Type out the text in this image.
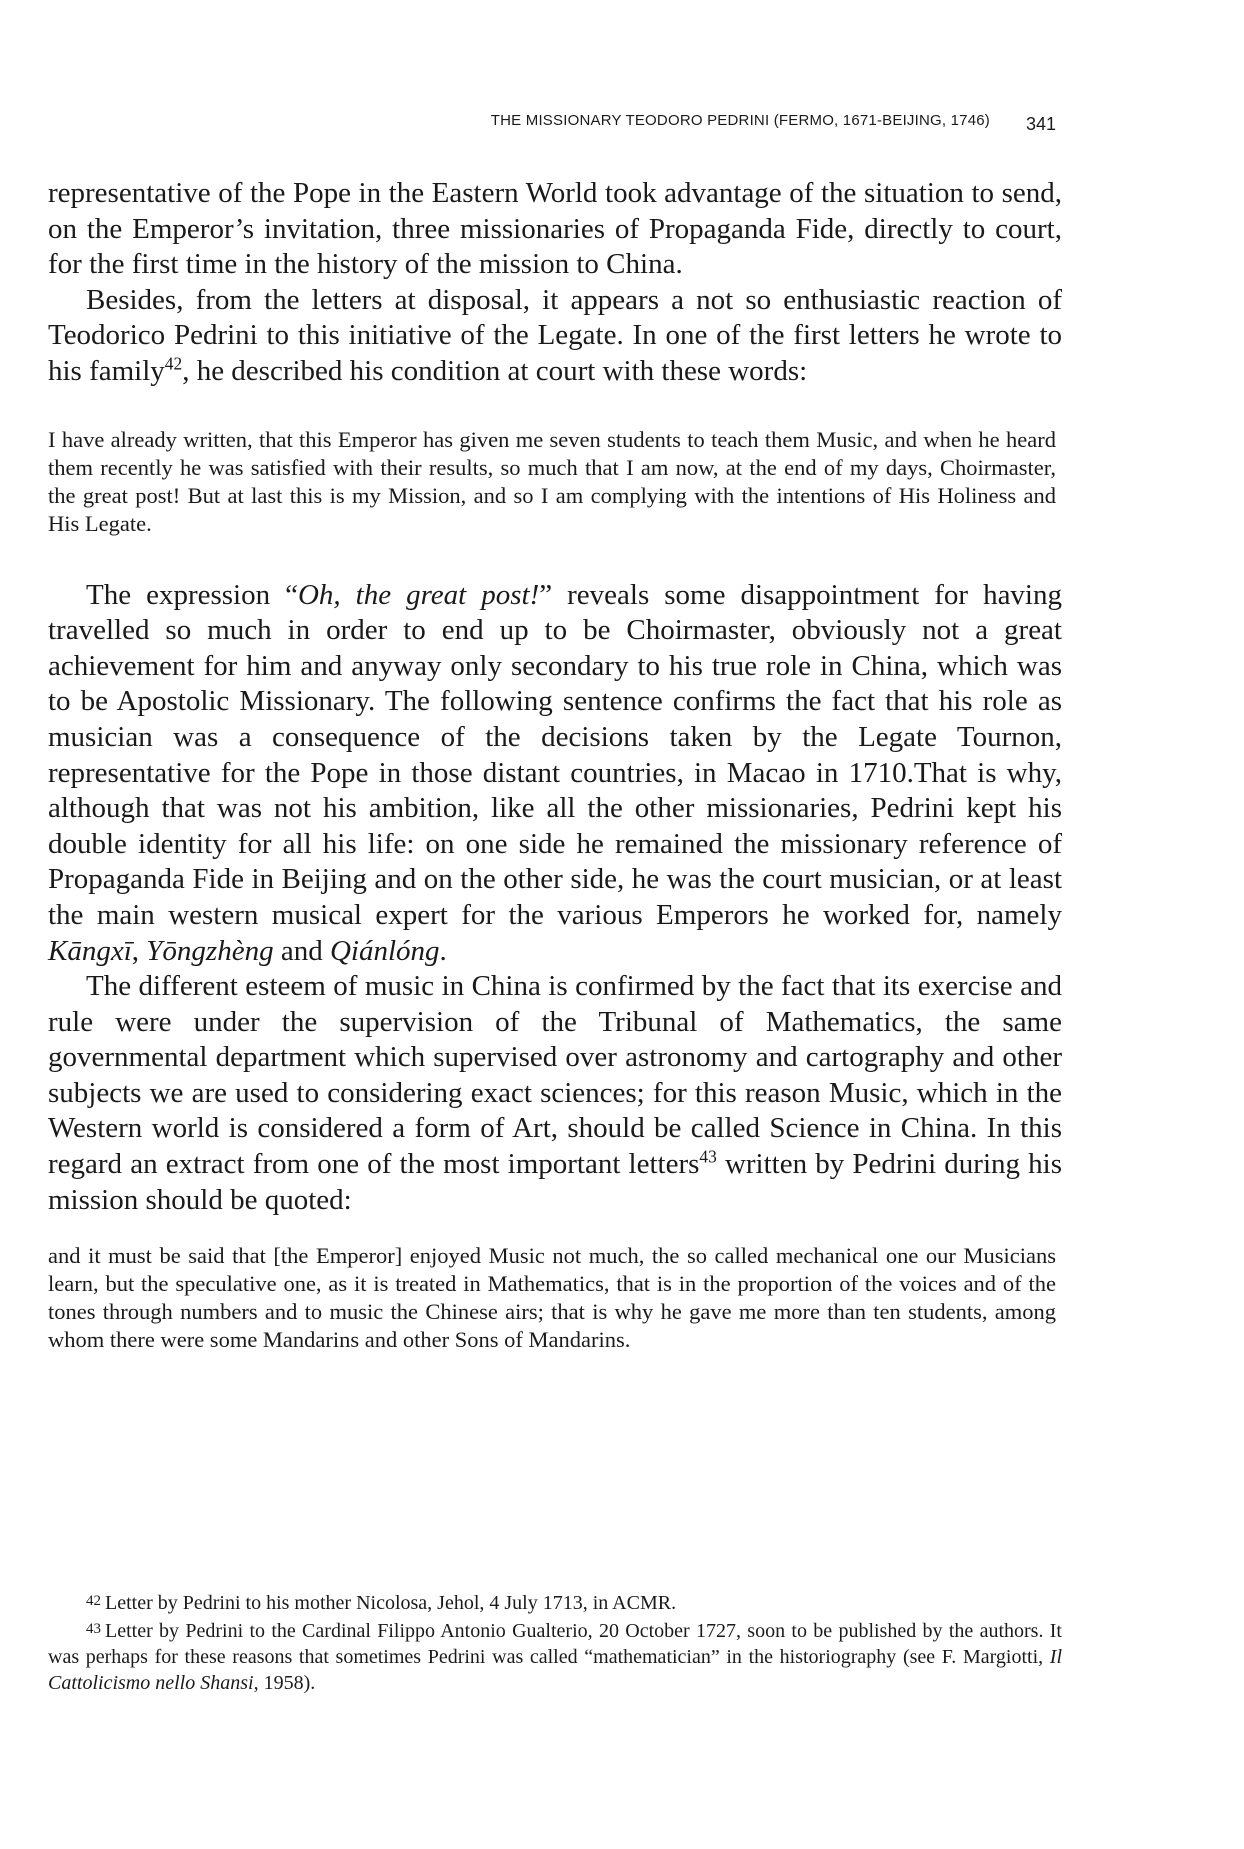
THE MISSIONARY TEODORO PEDRINI (FERMO, 1671-BEIJING, 1746) 341

representative of the Pope in the Eastern World took advantage of the situation to send, on the Emperor’s invitation, three missionaries of Propaganda Fide, directly to court, for the first time in the history of the mission to China.

Besides, from the letters at disposal, it appears a not so enthusiastic reaction of Teodorico Pedrini to this initiative of the Legate. In one of the first letters he wrote to his family$^{42}$, he described his condition at court with these words:

I have already written, that this Emperor has given me seven students to teach them Music, and when he heard them recently he was satisfied with their results, so much that I am now, at the end of my days, Choirmaster, the great post! But at last this is my Mission, and so I am complying with the intentions of His Holiness and His Legate.

The expression “Oh, the great post!” reveals some disappointment for having travelled so much in order to end up to be Choirmaster, obviously not a great achievement for him and anyway only secondary to his true role in China, which was to be Apostolic Missionary. The following sentence confirms the fact that his role as musician was a consequence of the decisions taken by the Legate Tournon, representative for the Pope in those distant countries, in Macao in 1710.That is why, although that was not his ambition, like all the other missionaries, Pedrini kept his double identity for all his life: on one side he remained the missionary reference of Propaganda Fide in Beijing and on the other side, he was the court musician, or at least the main western musical expert for the various Emperors he worked for, namely Kāngxī, Yōngzhèng and Qiánlóng.

The different esteem of music in China is confirmed by the fact that its exercise and rule were under the supervision of the Tribunal of Mathematics, the same governmental department which supervised over astronomy and cartography and other subjects we are used to considering exact sciences; for this reason Music, which in the Western world is considered a form of Art, should be called Science in China. In this regard an extract from one of the most important letters$^{43}$ written by Pedrini during his mission should be quoted:

and it must be said that [the Emperor] enjoyed Music not much, the so called mechanical one our Musicians learn, but the speculative one, as it is treated in Mathematics, that is in the proportion of the voices and of the tones through numbers and to music the Chinese airs; that is why he gave me more than ten students, among whom there were some Mandarins and other Sons of Mandarins.

$^{42}$ Letter by Pedrini to his mother Nicolosa, Jehol, 4 July 1713, in ACMR.

$^{43}$ Letter by Pedrini to the Cardinal Filippo Antonio Gualterio, 20 October 1727, soon to be published by the authors. It was perhaps for these reasons that sometimes Pedrini was called “mathematician” in the historiography (see F. Margiotti, Il Cattolicismo nello Shansi, 1958).
